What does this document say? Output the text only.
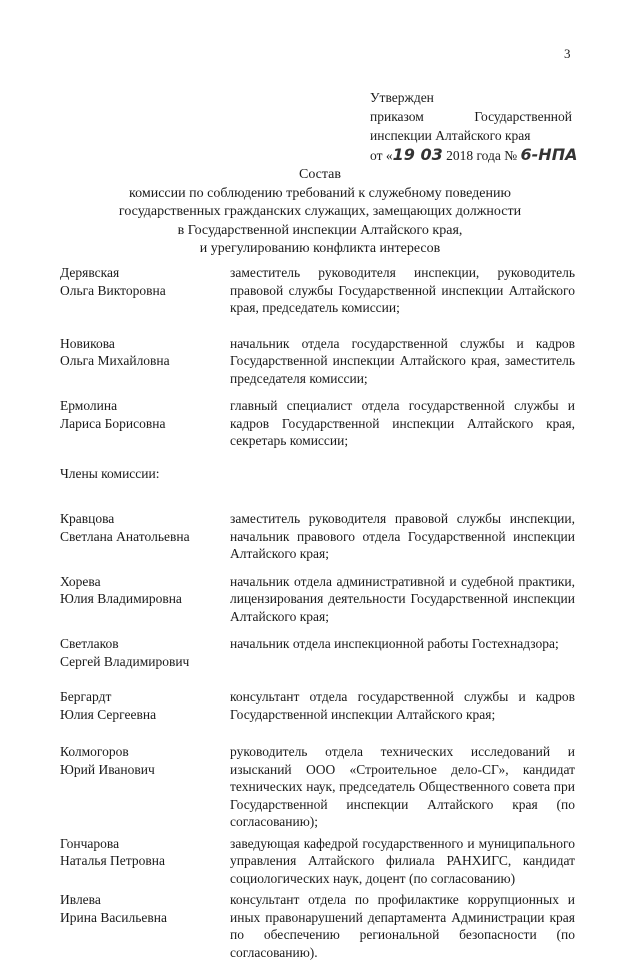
3
Утвержден
приказом	Государственной
инспекции Алтайского края
от «19 03 2018 года № 6-НПА
Состав
комиссии по соблюдению требований к служебному поведению
государственных гражданских служащих, замещающих должности
в Государственной инспекции Алтайского края,
и урегулированию конфликта интересов
Дерявская
Ольга Викторовна
заместитель руководителя инспекции, руководитель правовой службы Государственной инспекции Алтайского края, председатель комиссии;
Новикова
Ольга Михайловна
начальник отдела государственной службы и кадров Государственной инспекции Алтайского края, заместитель председателя комиссии;
Ермолина
Лариса Борисовна
главный специалист отдела государственной службы и кадров Государственной инспекции Алтайского края, секретарь комиссии;
Члены комиссии:
Кравцова
Светлана Анатольевна
заместитель руководителя правовой службы инспекции, начальник правового отдела Государственной инспекции Алтайского края;
Хорева
Юлия Владимировна
начальник отдела административной и судебной практики, лицензирования деятельности Государственной инспекции Алтайского края;
Светлаков
Сергей Владимирович
начальник отдела инспекционной работы Гостехнадзора;
Бергардт
Юлия Сергеевна
консультант отдела государственной службы и кадров Государственной инспекции Алтайского края;
Колмогоров
Юрий Иванович
руководитель отдела технических исследований и изысканий ООО «Строительное дело-СГ», кандидат технических наук, председатель Общественного совета при Государственной инспекции Алтайского края (по согласованию);
Гончарова
Наталья Петровна
заведующая кафедрой государственного и муниципального управления Алтайского филиала РАНХИГС, кандидат социологических наук, доцент (по согласованию)
Ивлева
Ирина Васильевна
консультант отдела по профилактике коррупционных и иных правонарушений департамента Администрации края по обеспечению региональной безопасности (по согласованию).
